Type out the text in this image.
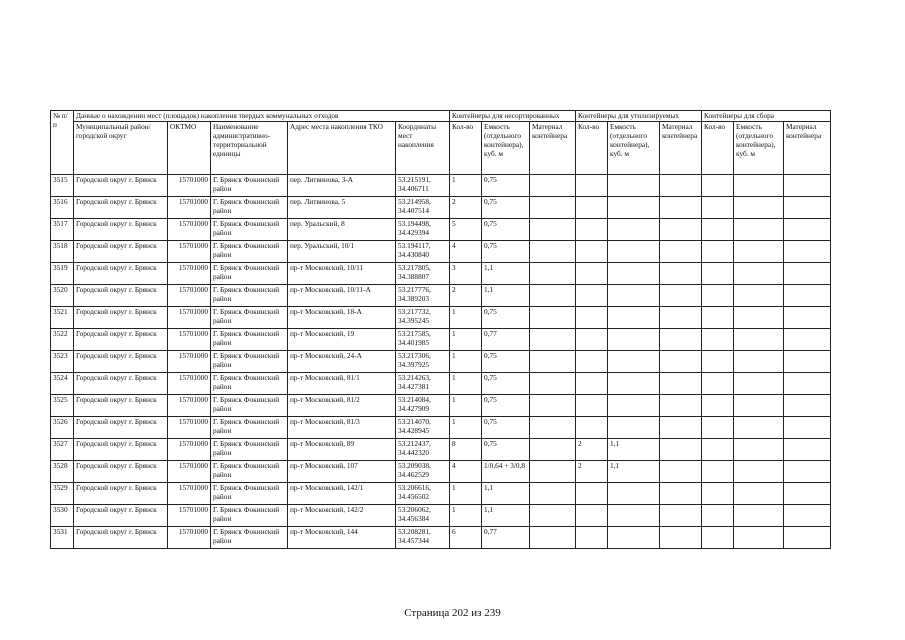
№ п/п	Данные о нахождении мест (площадок) накопления твердых коммунальных отходов					Контейнеры для несортированных			Контейнеры для утилизируемых			Контейнеры для сбора		
	Муниципальный район/городской округ	ОКТМО	Наименование административно-территориальной единицы	Адрес места накопления ТКО	Координаты мест накопления	Кол-во	Емкость (отдельного контейнера), куб. м	Материал контейнера	Кол-во	Емкость (отдельного контейнера), куб. м	Материал контейнера	Кол-во	Емкость (отдельного контейнера), куб. м	Материал контейнера
3515	Городской округ г. Брянск	15701000	Г. Брянск Фокинский район	пер. Литвинова, 3-А	53.215191, 34.406711	1	0,75							
3516	Городской округ г. Брянск	15701000	Г. Брянск Фокинский район	пер. Литвинова, 5	53.214958, 34.407514	2	0,75							
3517	Городской округ г. Брянск	15701000	Г. Брянск Фокинский район	пер. Уральский, 8	53.194498, 34.429394	5	0,75							
3518	Городской округ г. Брянск	15701000	Г. Брянск Фокинский район	пер. Уральский, 10/1	53.194117, 34.430840	4	0,75							
3519	Городской округ г. Брянск	15701000	Г. Брянск Фокинский район	пр-т Московский, 10/11	53.217805, 34.388807	3	1,1							
3520	Городской округ г. Брянск	15701000	Г. Брянск Фокинский район	пр-т Московский, 10/11-А	53.217776, 34.389203	2	1,1							
3521	Городской округ г. Брянск	15701000	Г. Брянск Фокинский район	пр-т Московский, 18-А	53.217732, 34.395245	1	0,75							
3522	Городской округ г. Брянск	15701000	Г. Брянск Фокинский район	пр-т Московский, 19	53.217585, 34.401985	1	0,77							
3523	Городской округ г. Брянск	15701000	Г. Брянск Фокинский район	пр-т Московский, 24-А	53.217306, 34.397925	1	0,75							
3524	Городской округ г. Брянск	15701000	Г. Брянск Фокинский район	пр-т Московский, 81/1	53.214263, 34.427381	1	0,75							
3525	Городской округ г. Брянск	15701000	Г. Брянск Фокинский район	пр-т Московский, 81/2	53.214084, 34.427909	1	0,75							
3526	Городской округ г. Брянск	15701000	Г. Брянск Фокинский район	пр-т Московский, 81/3	53.214070, 34.428945	1	0,75							
3527	Городской округ г. Брянск	15701000	Г. Брянск Фокинский район	пр-т Московский, 89	53.212437, 34.442320	8	0,75		2	1,1				
3528	Городской округ г. Брянск	15701000	Г. Брянск Фокинский район	пр-т Московский, 107	53.209038, 34.462529	4	1/0,64 + 3/0,8		2	1,1				
3529	Городской округ г. Брянск	15701000	Г. Брянск Фокинский район	пр-т Московский, 142/1	53.206616, 34.456502	1	1,1							
3530	Городской округ г. Брянск	15701000	Г. Брянск Фокинский район	пр-т Московский, 142/2	53.206062, 34.456384	1	1,1							
3531	Городской округ г. Брянск	15701000	Г. Брянск Фокинский район	пр-т Московский, 144	53.208281, 34.457344	6	0,77							
Страница 202 из 239
